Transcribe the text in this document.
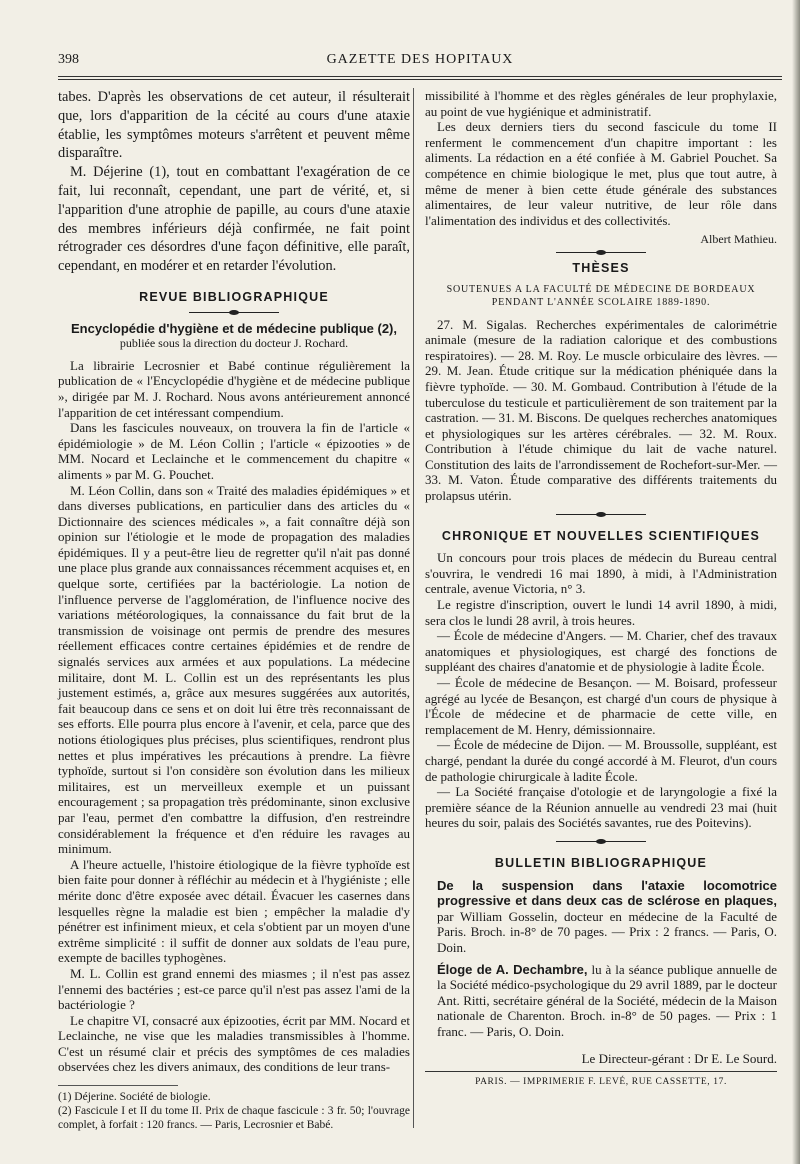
398	GAZETTE DES HOPITAUX

tabes. D'après les observations de cet auteur, il résulterait que, lors d'apparition de la cécité au cours d'une ataxie établie, les symptômes moteurs s'arrêtent et peuvent même disparaître.

M. Déjerine (1), tout en combattant l'exagération de ce fait, lui reconnaît, cependant, une part de vérité, et, si l'apparition d'une atrophie de papille, au cours d'une ataxie des membres inférieurs déjà confirmée, ne fait point rétrograder ces désordres d'une façon définitive, elle paraît, cependant, en modérer et en retarder l'évolution.

REVUE BIBLIOGRAPHIQUE
Encyclopédie d'hygiène et de médecine publique (2),
publiée sous la direction du docteur J. Rochard.

La librairie Lecrosnier et Babé continue régulièrement la publication de « l'Encyclopédie d'hygiène et de médecine publique », dirigée par M. J. Rochard. Nous avons antérieurement annoncé l'apparition de cet intéressant compendium.

Dans les fascicules nouveaux, on trouvera la fin de l'article « épidémiologie » de M. Léon Collin ; l'article « épizooties » de MM. Nocard et Leclainche et le commencement du chapitre « aliments » par M. G. Pouchet.

M. Léon Collin, dans son « Traité des maladies épidémiques » et dans diverses publications, en particulier dans des articles du « Dictionnaire des sciences médicales », a fait connaître déjà son opinion sur l'étiologie et le mode de propagation des maladies épidémiques. Il y a peut-être lieu de regretter qu'il n'ait pas donné une place plus grande aux connaissances récemment acquises et, en quelque sorte, certifiées par la bactériologie. La notion de l'influence perverse de l'agglomération, de l'influence nocive des variations météorologiques, la connaissance du fait brut de la transmission de voisinage ont permis de prendre des mesures réellement efficaces contre certaines épidémies et de rendre de signalés services aux armées et aux populations. La médecine militaire, dont M. L. Collin est un des représentants les plus justement estimés, a, grâce aux mesures suggérées aux autorités, fait beaucoup dans ce sens et on doit lui être très reconnaissant de ses efforts. Elle pourra plus encore à l'avenir, et cela, parce que des notions étiologiques plus précises, plus scientifiques, rendront plus nettes et plus impératives les précautions à prendre. La fièvre typhoïde, surtout si l'on considère son évolution dans les milieux militaires, est un merveilleux exemple et un puissant encouragement ; sa propagation très prédominante, sinon exclusive par l'eau, permet d'en combattre la diffusion, d'en restreindre considérablement la fréquence et d'en réduire les ravages au minimum.

A l'heure actuelle, l'histoire étiologique de la fièvre typhoïde est bien faite pour donner à réfléchir au médecin et à l'hygiéniste ; elle mérite donc d'être exposée avec détail. Évacuer les casernes dans lesquelles règne la maladie est bien ; empêcher la maladie d'y pénétrer est infiniment mieux, et cela s'obtient par un moyen d'une extrême simplicité : il suffit de donner aux soldats de l'eau pure, exempte de bacilles typhogènes.

M. L. Collin est grand ennemi des miasmes ; il n'est pas assez l'ennemi des bactéries ; est-ce parce qu'il n'est pas assez l'ami de la bactériologie ?

Le chapitre VI, consacré aux épizooties, écrit par MM. Nocard et Leclainche, ne vise que les maladies transmissibles à l'homme. C'est un résumé clair et précis des symptômes de ces maladies observées chez les divers animaux, des conditions de leur trans-

(1) Déjerine. Société de biologie.

(2) Fascicule I et II du tome II. Prix de chaque fascicule : 3 fr. 50; l'ouvrage complet, à forfait : 120 francs. — Paris, Lecrosnier et Babé.

missibilité à l'homme et des règles générales de leur prophylaxie, au point de vue hygiénique et administratif.

Les deux derniers tiers du second fascicule du tome II renferment le commencement d'un chapitre important : les aliments. La rédaction en a été confiée à M. Gabriel Pouchet. Sa compétence en chimie biologique le met, plus que tout autre, à même de mener à bien cette étude générale des substances alimentaires, de leur valeur nutritive, de leur rôle dans l'alimentation des individus et des collectivités.

Albert Mathieu.
THÈSES
SOUTENUES A LA FACULTÉ DE MÉDECINE DE BORDEAUX PENDANT L'ANNÉE SCOLAIRE 1889-1890.

27. M. Sigalas. Recherches expérimentales de calorimétrie animale (mesure de la radiation calorique et des combustions respiratoires). — 28. M. Roy. Le muscle orbiculaire des lèvres. — 29. M. Jean. Étude critique sur la médication phéniquée dans la fièvre typhoïde. — 30. M. Gombaud. Contribution à l'étude de la tuberculose du testicule et particulièrement de son traitement par la castration. — 31. M. Biscons. De quelques recherches anatomiques et physiologiques sur les artères cérébrales. — 32. M. Roux. Contribution à l'étude chimique du lait de vache naturel. Constitution des laits de l'arrondissement de Rochefort-sur-Mer. — 33. M. Vaton. Étude comparative des différents traitements du prolapsus utérin.

CHRONIQUE ET NOUVELLES SCIENTIFIQUES

Un concours pour trois places de médecin du Bureau central s'ouvrira, le vendredi 16 mai 1890, à midi, à l'Administration centrale, avenue Victoria, n° 3.

Le registre d'inscription, ouvert le lundi 14 avril 1890, à midi, sera clos le lundi 28 avril, à trois heures.

— École de médecine d'Angers. — M. Charier, chef des travaux anatomiques et physiologiques, est chargé des fonctions de suppléant des chaires d'anatomie et de physiologie à ladite École.

— École de médecine de Besançon. — M. Boisard, professeur agrégé au lycée de Besançon, est chargé d'un cours de physique à l'École de médecine et de pharmacie de cette ville, en remplacement de M. Henry, démissionnaire.

— École de médecine de Dijon. — M. Broussolle, suppléant, est chargé, pendant la durée du congé accordé à M. Fleurot, d'un cours de pathologie chirurgicale à ladite École.

— La Société française d'otologie et de laryngologie a fixé la première séance de la Réunion annuelle au vendredi 23 mai (huit heures du soir, palais des Sociétés savantes, rue des Poitevins).

BULLETIN BIBLIOGRAPHIQUE

De la suspension dans l'ataxie locomotrice progressive et dans deux cas de sclérose en plaques, par William Gosselin, docteur en médecine de la Faculté de Paris. Broch. in-8° de 70 pages. — Prix : 2 francs. — Paris, O. Doin.

Éloge de A. Dechambre, lu à la séance publique annuelle de la Société médico-psychologique du 29 avril 1889, par le docteur Ant. Ritti, secrétaire général de la Société, médecin de la Maison nationale de Charenton. Broch. in-8° de 50 pages. — Prix : 1 franc. — Paris, O. Doin.

Le Directeur-gérant : Dr E. Le Sourd.
PARIS. — IMPRIMERIE F. LEVÉ, RUE CASSETTE, 17.
